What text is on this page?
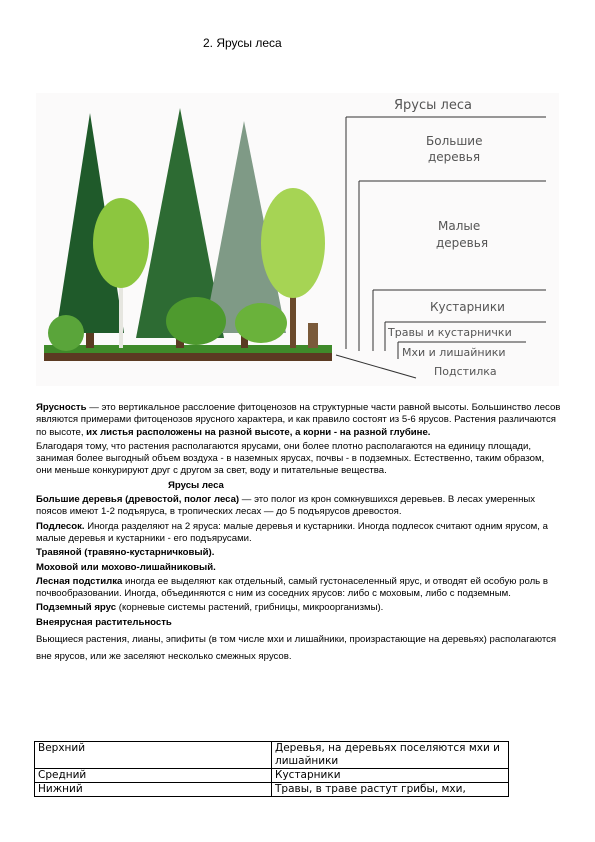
2. Ярусы леса
Ярусы леса
Большие
деревья
Малые
деревья
Кустарники
Травы и кустарнички
Мхи и лишайники
Подстилка

Ярусность — это вертикальное расслоение фитоценозов на структурные части равной высоты. Большинство лесов являются примерами фитоценозов ярусного характера, и как правило состоят из 5-6 ярусов. Растения различаются по высоте, их листья расположены на разной высоте, а корни - на разной глубине.

Благодаря тому, что растения располагаются ярусами, они более плотно располагаются на единицу площади, занимая более выгодный объем воздуха - в наземных ярусах, почвы - в подземных. Естественно, таким образом, они меньше конкурируют друг с другом за свет, воду и питательные вещества.

Ярусы леса

Большие деревья (древостой, полог леса) — это полог из крон сомкнувшихся деревьев. В лесах умеренных поясов имеют 1-2 подъяруса, в тропических лесах — до 5 подъярусов древостоя.

Подлесок. Иногда разделяют на 2 яруса: малые деревья и кустарники. Иногда подлесок считают одним ярусом, а малые деревья и кустарники - его подъярусами.

Травяной (травяно-кустарничковый).

Моховой или мохово-лишайниковый.

Лесная подстилка иногда ее выделяют как отдельный, самый густонаселенный ярус, и отводят ей особую роль в почвообразовании. Иногда, объединяются с ним из соседних ярусов: либо с моховым, либо с подземным.

Подземный ярус (корневые системы растений, грибницы, микроорганизмы).

Внеярусная растительность

Вьющиеся растения, лианы, эпифиты (в том числе мхи и лишайники, произрастающие на деревьях) располагаются вне ярусов, или же заселяют несколько смежных ярусов.

Верхний	Деревья, на деревьях поселяются мхи и лишайники
Средний	Кустарники
Нижний	Травы, в траве растут грибы, мхи,
